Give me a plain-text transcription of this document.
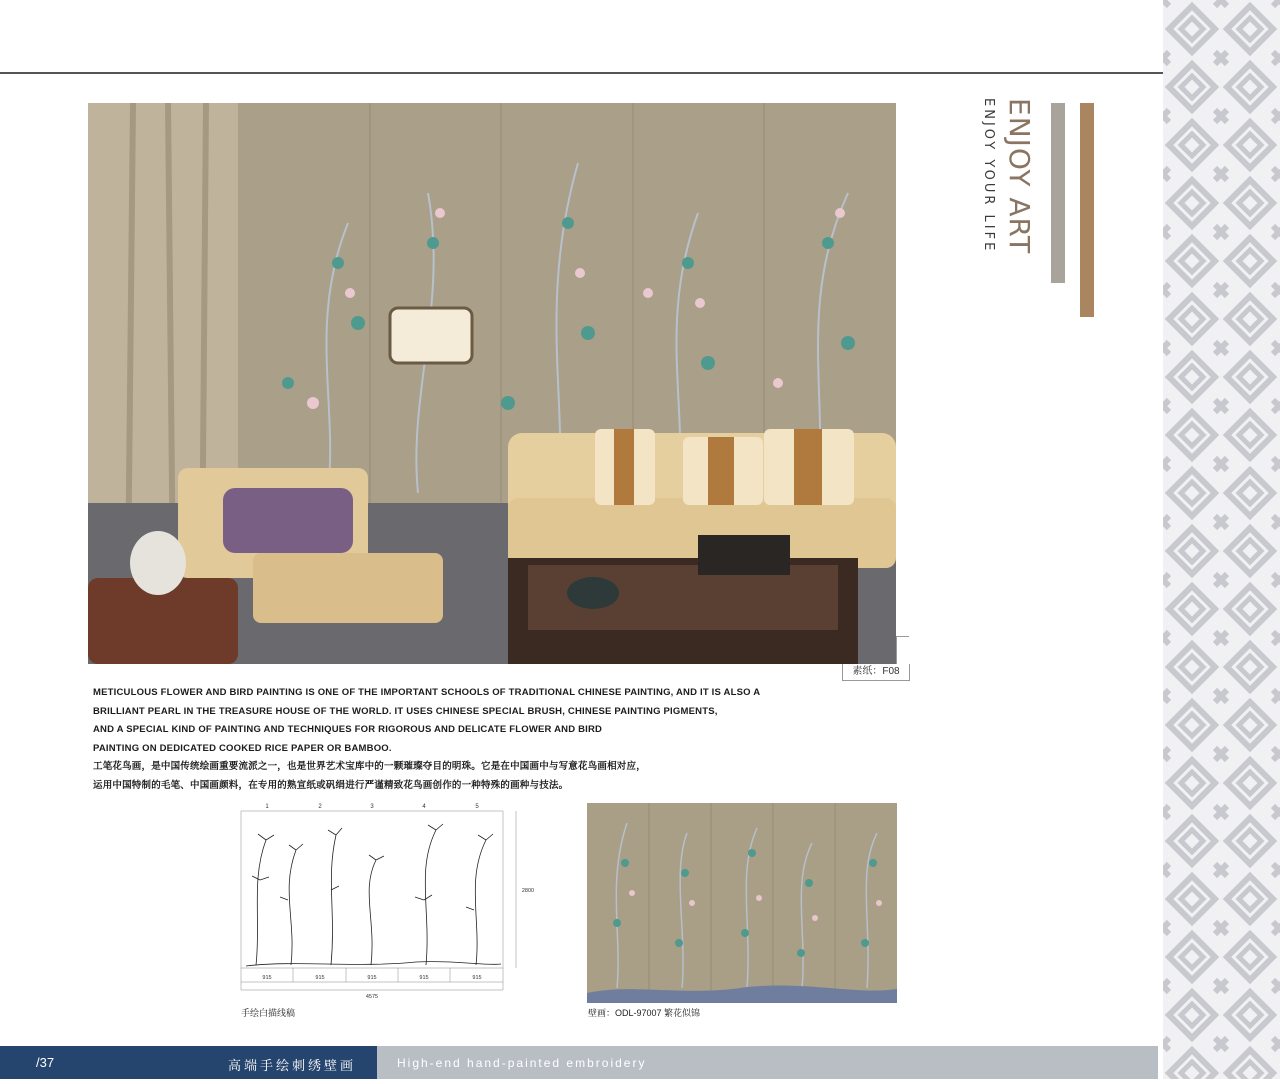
素纸：F08
ENJOY ART
ENJOY YOUR LIFE

METICULOUS FLOWER AND BIRD PAINTING IS ONE OF THE IMPORTANT SCHOOLS OF TRADITIONAL CHINESE PAINTING, AND IT IS ALSO A

BRILLIANT PEARL IN THE TREASURE HOUSE OF THE WORLD. IT USES CHINESE SPECIAL BRUSH, CHINESE PAINTING PIGMENTS,

AND A SPECIAL KIND OF PAINTING AND TECHNIQUES FOR RIGOROUS AND DELICATE FLOWER AND BIRD

PAINTING ON DEDICATED COOKED RICE PAPER OR BAMBOO.

工笔花鸟画，是中国传统绘画重要流派之一，也是世界艺术宝库中的一颗璀璨夺目的明珠。它是在中国画中与写意花鸟画相对应，

运用中国特制的毛笔、中国画颜料，在专用的熟宣纸或矾绢进行严谨精致花鸟画创作的一种特殊的画种与技法。

1	2	3	4	5
915	915	915	915	915
4575
2800
手绘白描线稿	壁画：ODL-97007 繁花似锦
/37	高端手绘刺绣壁画	High-end hand-painted embroidery
